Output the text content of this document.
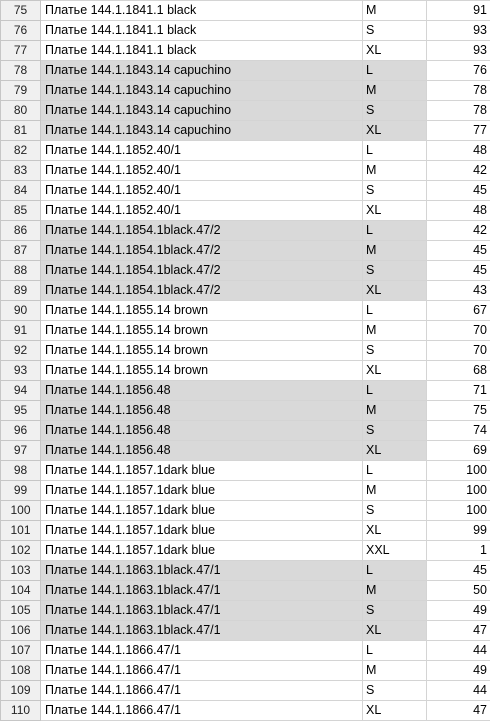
75	Платье 144.1.1841.1 black	M	91
76	Платье 144.1.1841.1 black	S	93
77	Платье 144.1.1841.1 black	XL	93
78	Платье 144.1.1843.14 capuchino	L	76
79	Платье 144.1.1843.14 capuchino	M	78
80	Платье 144.1.1843.14 capuchino	S	78
81	Платье 144.1.1843.14 capuchino	XL	77
82	Платье 144.1.1852.40/1	L	48
83	Платье 144.1.1852.40/1	M	42
84	Платье 144.1.1852.40/1	S	45
85	Платье 144.1.1852.40/1	XL	48
86	Платье 144.1.1854.1black.47/2	L	42
87	Платье 144.1.1854.1black.47/2	M	45
88	Платье 144.1.1854.1black.47/2	S	45
89	Платье 144.1.1854.1black.47/2	XL	43
90	Платье 144.1.1855.14 brown	L	67
91	Платье 144.1.1855.14 brown	M	70
92	Платье 144.1.1855.14 brown	S	70
93	Платье 144.1.1855.14 brown	XL	68
94	Платье 144.1.1856.48	L	71
95	Платье 144.1.1856.48	M	75
96	Платье 144.1.1856.48	S	74
97	Платье 144.1.1856.48	XL	69
98	Платье 144.1.1857.1dark blue	L	100
99	Платье 144.1.1857.1dark blue	M	100
100	Платье 144.1.1857.1dark blue	S	100
101	Платье 144.1.1857.1dark blue	XL	99
102	Платье 144.1.1857.1dark blue	XXL	1
103	Платье 144.1.1863.1black.47/1	L	45
104	Платье 144.1.1863.1black.47/1	M	50
105	Платье 144.1.1863.1black.47/1	S	49
106	Платье 144.1.1863.1black.47/1	XL	47
107	Платье 144.1.1866.47/1	L	44
108	Платье 144.1.1866.47/1	M	49
109	Платье 144.1.1866.47/1	S	44
110	Платье 144.1.1866.47/1	XL	47
